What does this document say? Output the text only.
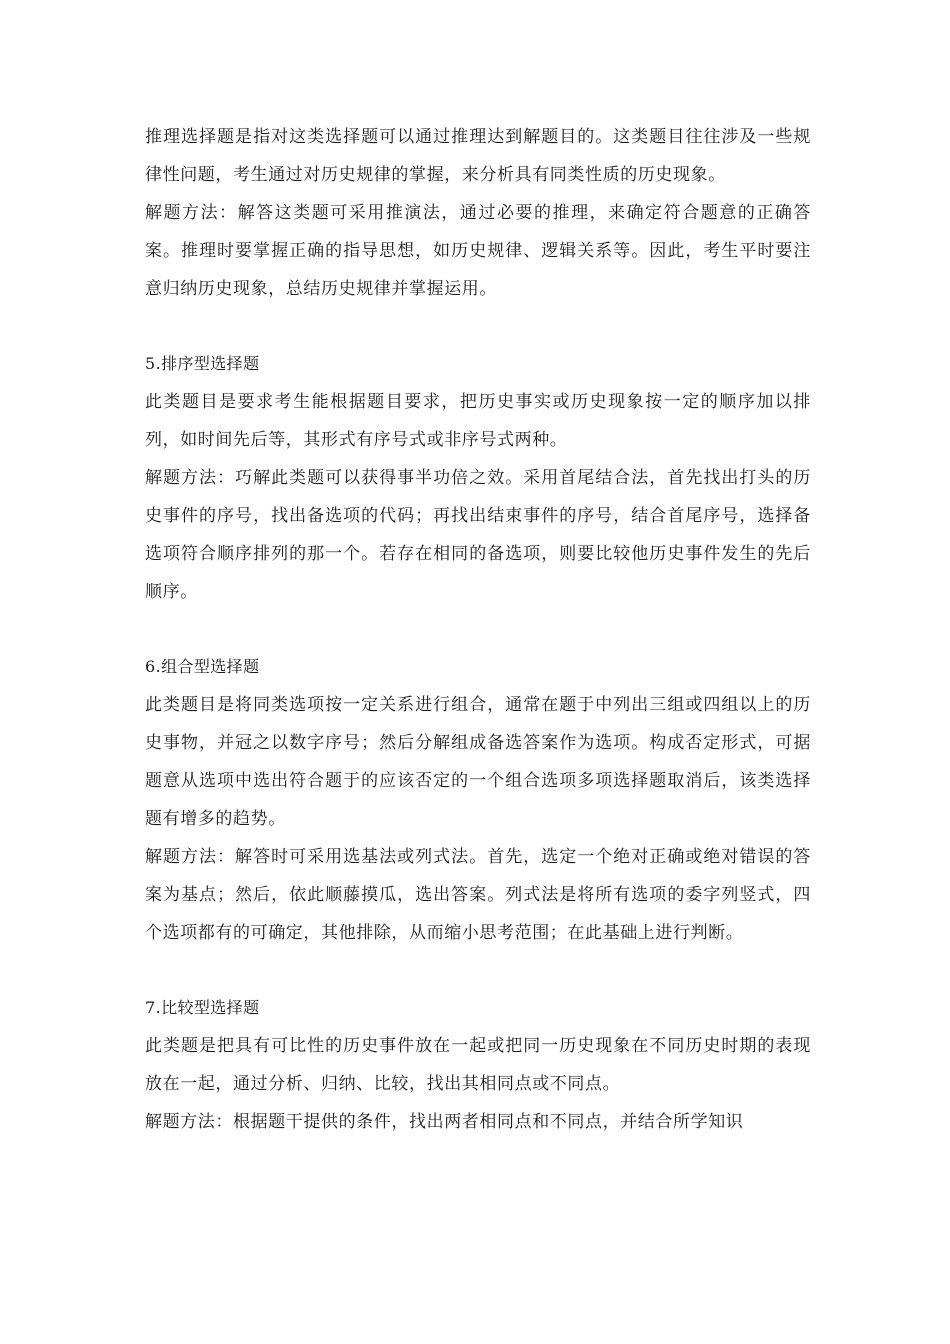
推理选择题是指对这类选择题可以通过推理达到解题目的。这类题目往往涉及一些规律性问题，考生通过对历史规律的掌握，来分析具有同类性质的历史现象。

解题方法：解答这类题可采用推演法，通过必要的推理，来确定符合题意的正确答案。推理时要掌握正确的指导思想，如历史规律、逻辑关系等。因此，考生平时要注意归纳历史现象，总结历史规律并掌握运用。

5.排序型选择题

此类题目是要求考生能根据题目要求，把历史事实或历史现象按一定的顺序加以排列，如时间先后等，其形式有序号式或非序号式两种。

解题方法：巧解此类题可以获得事半功倍之效。采用首尾结合法，首先找出打头的历史事件的序号，找出备选项的代码；再找出结束事件的序号，结合首尾序号，选择备选项符合顺序排列的那一个。若存在相同的备选项，则要比较他历史事件发生的先后顺序。

6.组合型选择题

此类题目是将同类选项按一定关系进行组合，通常在题于中列出三组或四组以上的历史事物，并冠之以数字序号；然后分解组成备选答案作为选项。构成否定形式，可据题意从选项中选出符合题于的应该否定的一个组合选项多项选择题取消后，该类选择题有增多的趋势。

解题方法：解答时可采用选基法或列式法。首先，选定一个绝对正确或绝对错误的答案为基点；然后，依此顺藤摸瓜，选出答案。列式法是将所有选项的委字列竖式，四个选项都有的可确定，其他排除，从而缩小思考范围；在此基础上进行判断。

7.比较型选择题

此类题是把具有可比性的历史事件放在一起或把同一历史现象在不同历史时期的表现放在一起，通过分析、归纳、比较，找出其相同点或不同点。

解题方法：根据题干提供的条件，找出两者相同点和不同点，并结合所学知识
